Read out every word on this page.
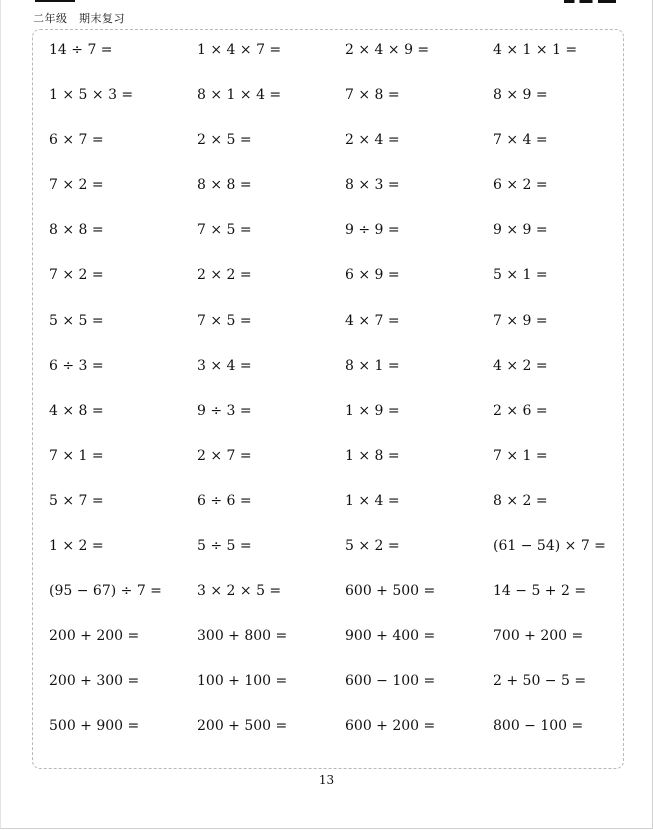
二年级　期末复习
14 ÷ 7 =	1 × 4 × 7 =	2 × 4 × 9 =	4 × 1 × 1 =
1 × 5 × 3 =	8 × 1 × 4 =	7 × 8 =	8 × 9 =
6 × 7 =	2 × 5 =	2 × 4 =	7 × 4 =
7 × 2 =	8 × 8 =	8 × 3 =	6 × 2 =
8 × 8 =	7 × 5 =	9 ÷ 9 =	9 × 9 =
7 × 2 =	2 × 2 =	6 × 9 =	5 × 1 =
5 × 5 =	7 × 5 =	4 × 7 =	7 × 9 =
6 ÷ 3 =	3 × 4 =	8 × 1 =	4 × 2 =
4 × 8 =	9 ÷ 3 =	1 × 9 =	2 × 6 =
7 × 1 =	2 × 7 =	1 × 8 =	7 × 1 =
5 × 7 =	6 ÷ 6 =	1 × 4 =	8 × 2 =
1 × 2 =	5 ÷ 5 =	5 × 2 =	(61 − 54) × 7 =
(95 − 67) ÷ 7 =	3 × 2 × 5 =	600 + 500 =	14 − 5 + 2 =
200 + 200 =	300 + 800 =	900 + 400 =	700 + 200 =
200 + 300 =	100 + 100 =	600 − 100 =	2 + 50 − 5 =
500 + 900 =	200 + 500 =	600 + 200 =	800 − 100 =
13
